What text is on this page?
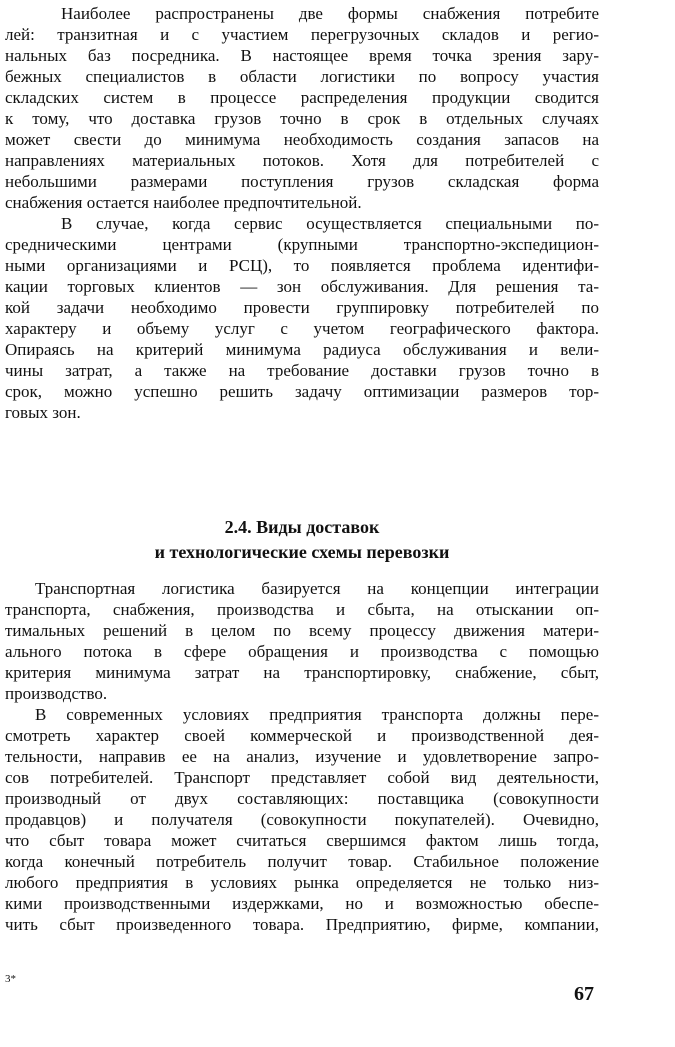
Наиболее распространены две формы снабжения потребите
лей: транзитная и с участием перегрузочных складов и регио-
нальных баз посредника. В настоящее время точка зрения зару-
бежных специалистов в области логистики по вопросу участия
складских систем в процессе распределения продукции сводится
к тому, что доставка грузов точно в срок в отдельных случаях
может свести до минимума необходимость создания запасов на
направлениях материальных потоков. Хотя для потребителей с
небольшими размерами поступления грузов складская форма
снабжения остается наиболее предпочтительной.
В случае, когда сервис осуществляется специальными по-
средническими центрами (крупными транспортно-экспедицион-
ными организациями и РСЦ), то появляется проблема идентифи-
кации торговых клиентов — зон обслуживания. Для решения та-
кой задачи необходимо провести группировку потребителей по
характеру и объему услуг с учетом географического фактора.
Опираясь на критерий минимума радиуса обслуживания и вели-
чины затрат, а также на требование доставки грузов точно в
срок, можно успешно решить задачу оптимизации размеров тор-
говых зон.
2.4. Виды доставок
и технологические схемы перевозки
Транспортная логистика базируется на концепции интеграции
транспорта, снабжения, производства и сбыта, на отыскании оп-
тимальных решений в целом по всему процессу движения матери-
ального потока в сфере обращения и производства с помощью
критерия минимума затрат на транспортировку, снабжение, сбыт,
производство.
В современных условиях предприятия транспорта должны пере-
смотреть характер своей коммерческой и производственной дея-
тельности, направив ее на анализ, изучение и удовлетворение запро-
сов потребителей. Транспорт представляет собой вид деятельности,
производный от двух составляющих: поставщика (совокупности
продавцов) и получателя (совокупности покупателей). Очевидно,
что сбыт товара может считаться свершимся фактом лишь тогда,
когда конечный потребитель получит товар. Стабильное положение
любого предприятия в условиях рынка определяется не только низ-
кими производственными издержками, но и возможностью обеспе-
чить сбыт произведенного товара. Предприятию, фирме, компании,
3*
67
